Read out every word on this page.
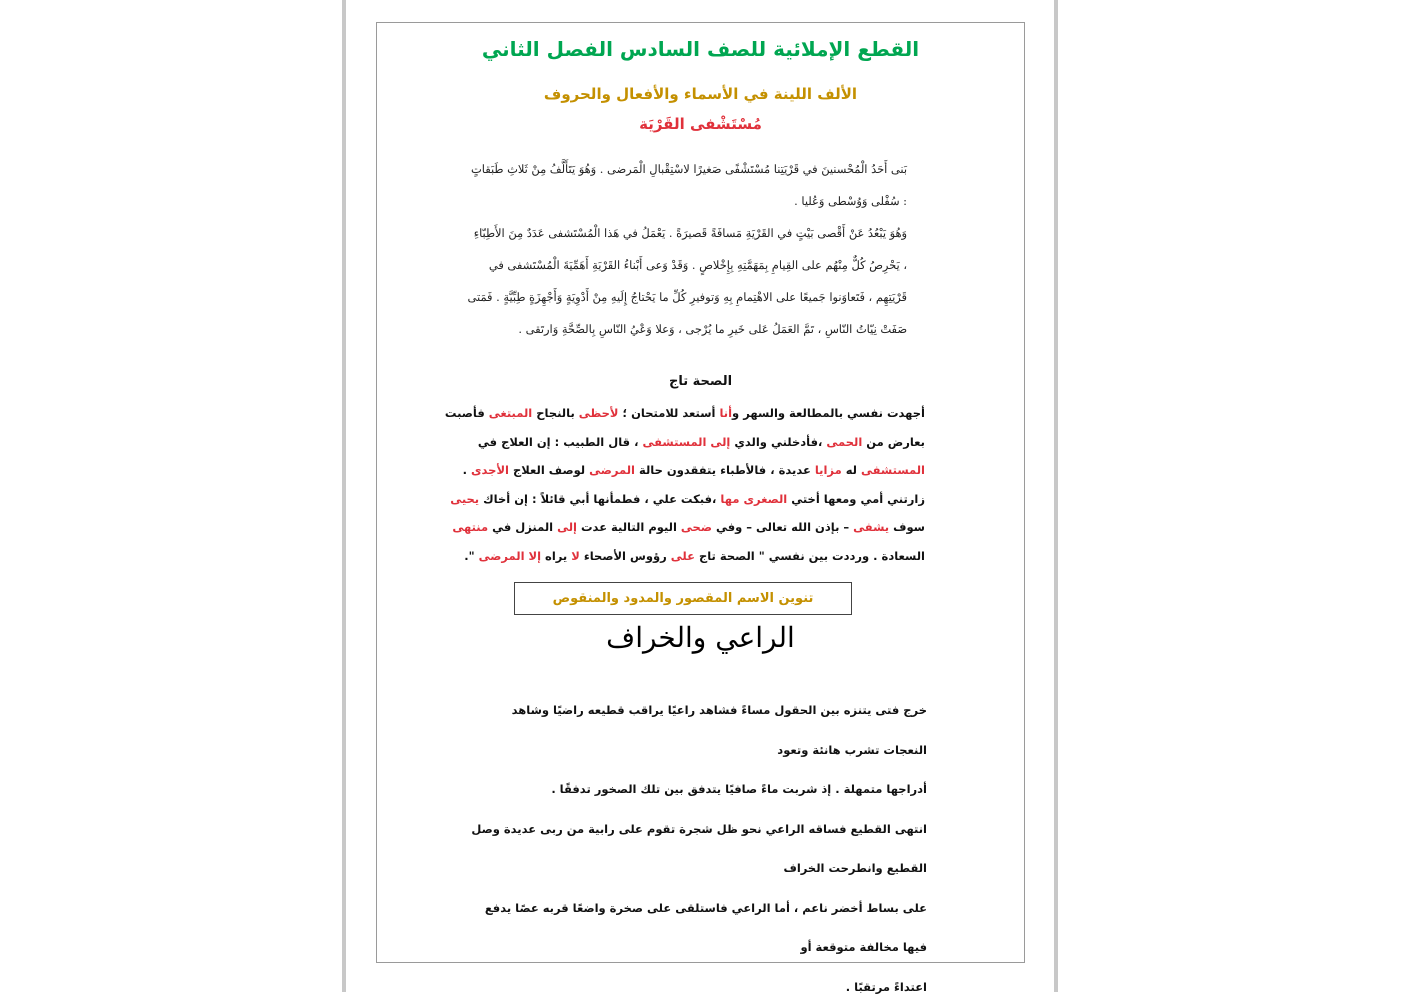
القطع الإملائية للصف السادس الفصل الثاني
الألف اللينة في الأسماء والأفعال والحروف
مُسْتَشْفى القَرْيَة

بَنى أَحَدُ الْمُحْسنينَ في قَرْيَتِنا مُسْتَشْفًى صَغيرًا لاسْتِقْبالِ الْمَرضى . وَهُوَ يَتَأَلَّفُ مِنْ ثَلاثِ طَبَقاتٍ

: سُفْلى وَوُسْطى وَعُليا .

وَهُوَ يَبْعُدُ عَنْ أَقْصى بَيْتٍ في القَرْيَةِ مَسافَةً قَصيرَةً . يَعْمَلُ في هَذا الْمُسْتَشفى عَدَدٌ مِنَ الأَطِبّاءِ

، يَحْرِصُ كُلٌّ مِنْهُم على القِيامِ بِمَهَمَّتِهِ بِإِخْلاصٍ . وَقَدْ وَعى أَبْناءُ القَرْيَةِ أَهَمِّيَةَ الْمُسْتَشفى في

قَرْيَتِهِم ، فَتَعاوَنوا جَميعًا على الاهْتِمامِ بِهِ وَتوفيرِ كُلِّ ما يَحْتاجُ إِلَيهِ مِنْ أَدْوِيَةٍ وَأَجْهِزَةٍ طِبِّيَّةٍ . فَمَتى

صَفَتْ نِيّاتُ النّاسِ ، تَمَّ العَمَلُ عَلى خَيرِ ما يُرْجى ، وَعلا وَعْيُ النّاسِ بِالصِّحَّةِ وَارتَقى .

الصحة تاج
أجهدت نفسي بالمطالعة والسهر وأنا أستعد للامتحان ؛ لأحظى بالنجاح المبتغى فأصبت بعارض من الحمى ،فأدخلني والدي إلى المستشفى ، قال الطبيب : إن العلاج في المستشفى له مزايا عديدة ، فالأطباء يتفقدون حالة المرضى لوصف العلاج الأجدى .
زارتني أمي ومعها أختي الصغرى مها ،فبكت علي ، فطمأنها أبي قائلاً : إن أخاك يحيى سوف يشفى – بإذن الله تعالى – وفي ضحى اليوم التالية عدت إلى المنزل في منتهى السعادة . ورددت بين نفسي " الصحة تاج على رؤوس الأصحاء لا يراه إلا المرضى ".
تنوين الاسم المقصور والمدود والمنقوص
الراعي والخراف

خرج فتى يتنزه بين الحقول مساءً فشاهد راعيًا يراقب قطيعه راضيًا وشاهد النعجات تشرب هانئة وتعود

أدراجها متمهلة . إذ شربت ماءً صافيًا يتدفق بين تلك الصخور تدفقًا .

انتهى القطيع فساقه الراعي نحو ظل شجرة تقوم على رابية من ربى عديدة وصل القطيع وانطرحت الخراف

على بساط أخضر ناعم ، أما الراعي فاستلقى على صخرة واضعًا قربه عصًا يدفع فيها مخالفة متوقعة أو

اعتداءً مرتقبًا .
